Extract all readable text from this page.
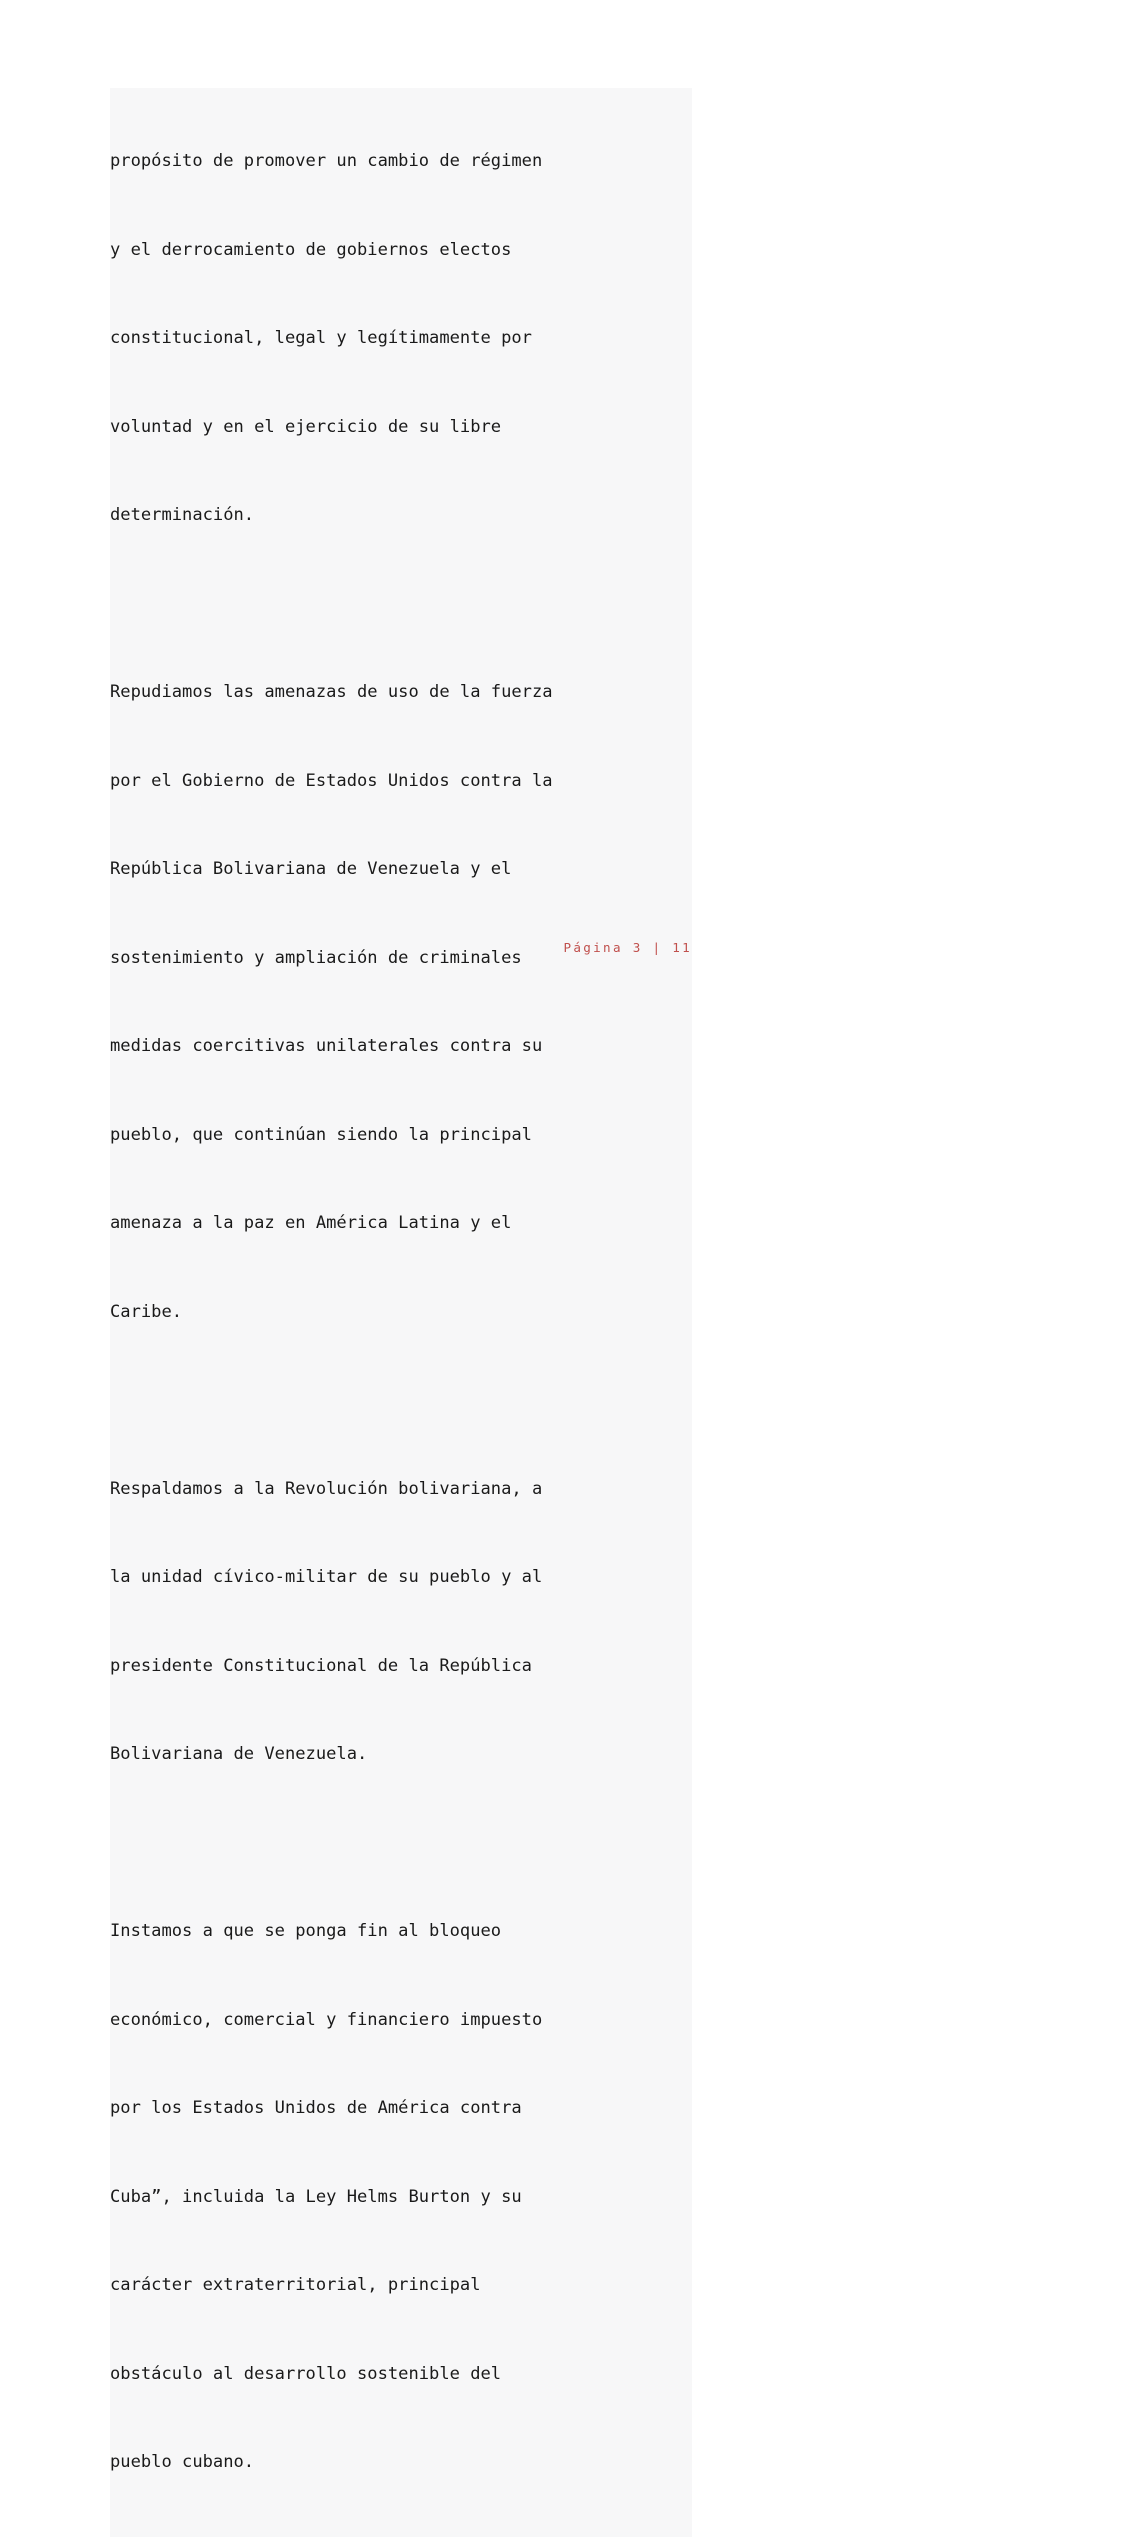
propósito de promover un cambio de régimen

y el derrocamiento de gobiernos electos

constitucional, legal y legítimamente por

voluntad y en el ejercicio de su libre

determinación.

Repudiamos las amenazas de uso de la fuerza

por el Gobierno de Estados Unidos contra la

República Bolivariana de Venezuela y el

sostenimiento y ampliación de criminales

medidas coercitivas unilaterales contra su

pueblo, que continúan siendo la principal

amenaza a la paz en América Latina y el

Caribe.

Respaldamos a la Revolución bolivariana, a

la unidad cívico-militar de su pueblo y al

presidente Constitucional de la República

Bolivariana de Venezuela.

Instamos a que se ponga fin al bloqueo

económico, comercial y financiero impuesto

por los Estados Unidos de América contra

Cuba”, incluida la Ley Helms Burton y su

carácter extraterritorial, principal

obstáculo al desarrollo sostenible del

pueblo cubano.

Página 3 | 11
